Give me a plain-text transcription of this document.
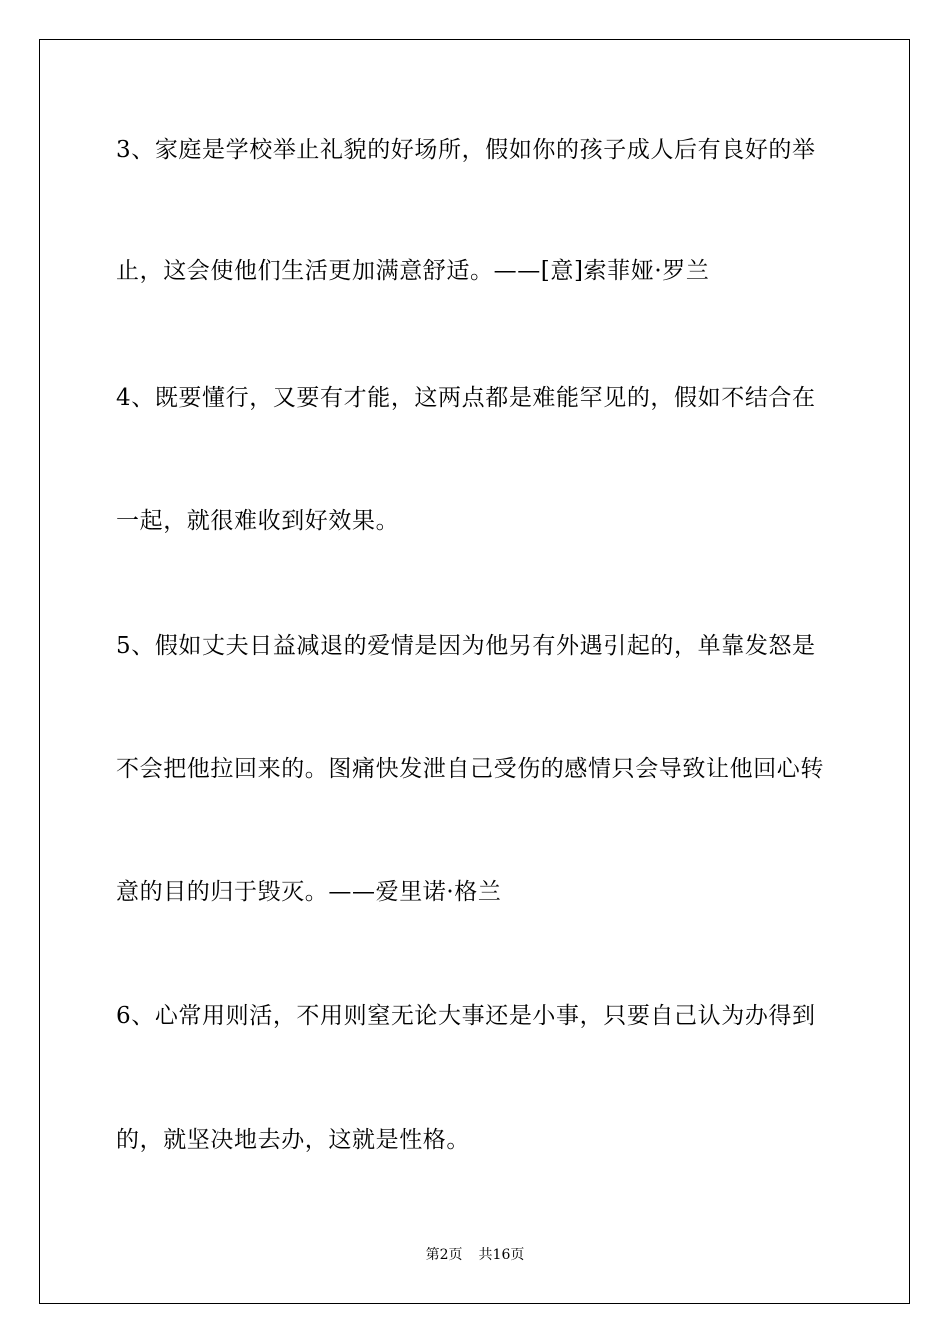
3、家庭是学校举止礼貌的好场所，假如你的孩子成人后有良好的举
止，这会使他们生活更加满意舒适。——[意]索菲娅·罗兰
4、既要懂行，又要有才能，这两点都是难能罕见的，假如不结合在
一起，就很难收到好效果。
5、假如丈夫日益减退的爱情是因为他另有外遇引起的，单靠发怒是
不会把他拉回来的。图痛快发泄自己受伤的感情只会导致让他回心转
意的目的归于毁灭。——爱里诺·格兰
6、心常用则活，不用则窒无论大事还是小事，只要自己认为办得到
的，就坚决地去办，这就是性格。
第2页 共16页
